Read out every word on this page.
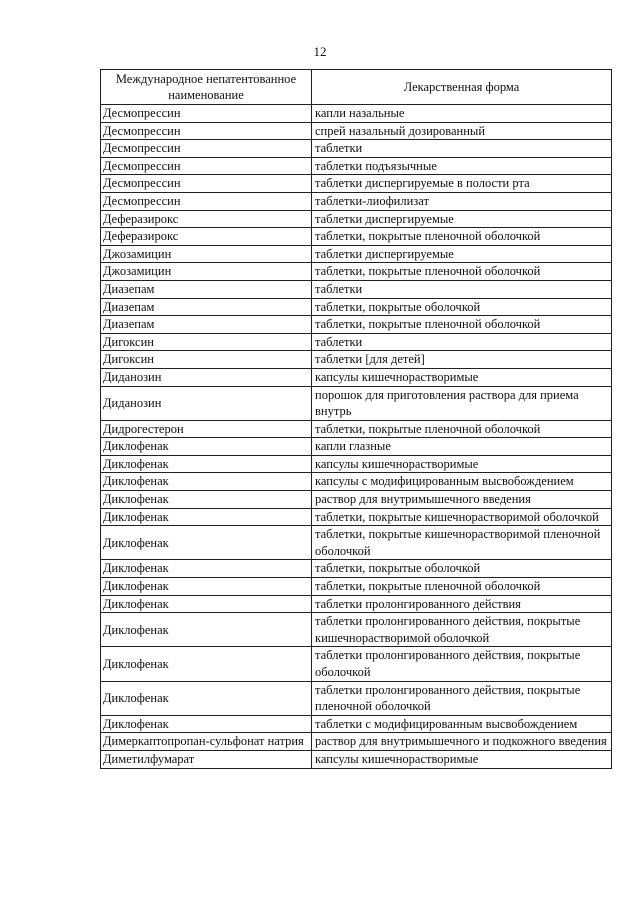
12
Международное непатентованное наименование	Лекарственная форма
Десмопрессин	капли назальные
Десмопрессин	спрей назальный дозированный
Десмопрессин	таблетки
Десмопрессин	таблетки подъязычные
Десмопрессин	таблетки диспергируемые в полости рта
Десмопрессин	таблетки-лиофилизат
Деферазирокс	таблетки диспергируемые
Деферазирокс	таблетки, покрытые пленочной оболочкой
Джозамицин	таблетки диспергируемые
Джозамицин	таблетки, покрытые пленочной оболочкой
Диазепам	таблетки
Диазепам	таблетки, покрытые оболочкой
Диазепам	таблетки, покрытые пленочной оболочкой
Дигоксин	таблетки
Дигоксин	таблетки [для детей]
Диданозин	капсулы кишечнорастворимые
Диданозин	порошок для приготовления раствора для приема внутрь
Дидрогестерон	таблетки, покрытые пленочной оболочкой
Диклофенак	капли глазные
Диклофенак	капсулы кишечнорастворимые
Диклофенак	капсулы с модифицированным высвобождением
Диклофенак	раствор для внутримышечного введения
Диклофенак	таблетки, покрытые кишечнорастворимой оболочкой
Диклофенак	таблетки, покрытые кишечнорастворимой пленочной оболочкой
Диклофенак	таблетки, покрытые оболочкой
Диклофенак	таблетки, покрытые пленочной оболочкой
Диклофенак	таблетки пролонгированного действия
Диклофенак	таблетки пролонгированного действия, покрытые кишечнорастворимой оболочкой
Диклофенак	таблетки пролонгированного действия, покрытые оболочкой
Диклофенак	таблетки пролонгированного действия, покрытые пленочной оболочкой
Диклофенак	таблетки с модифицированным высвобождением
Димеркаптопропан-сульфонат натрия	раствор для внутримышечного и подкожного введения
Диметилфумарат	капсулы кишечнорастворимые
